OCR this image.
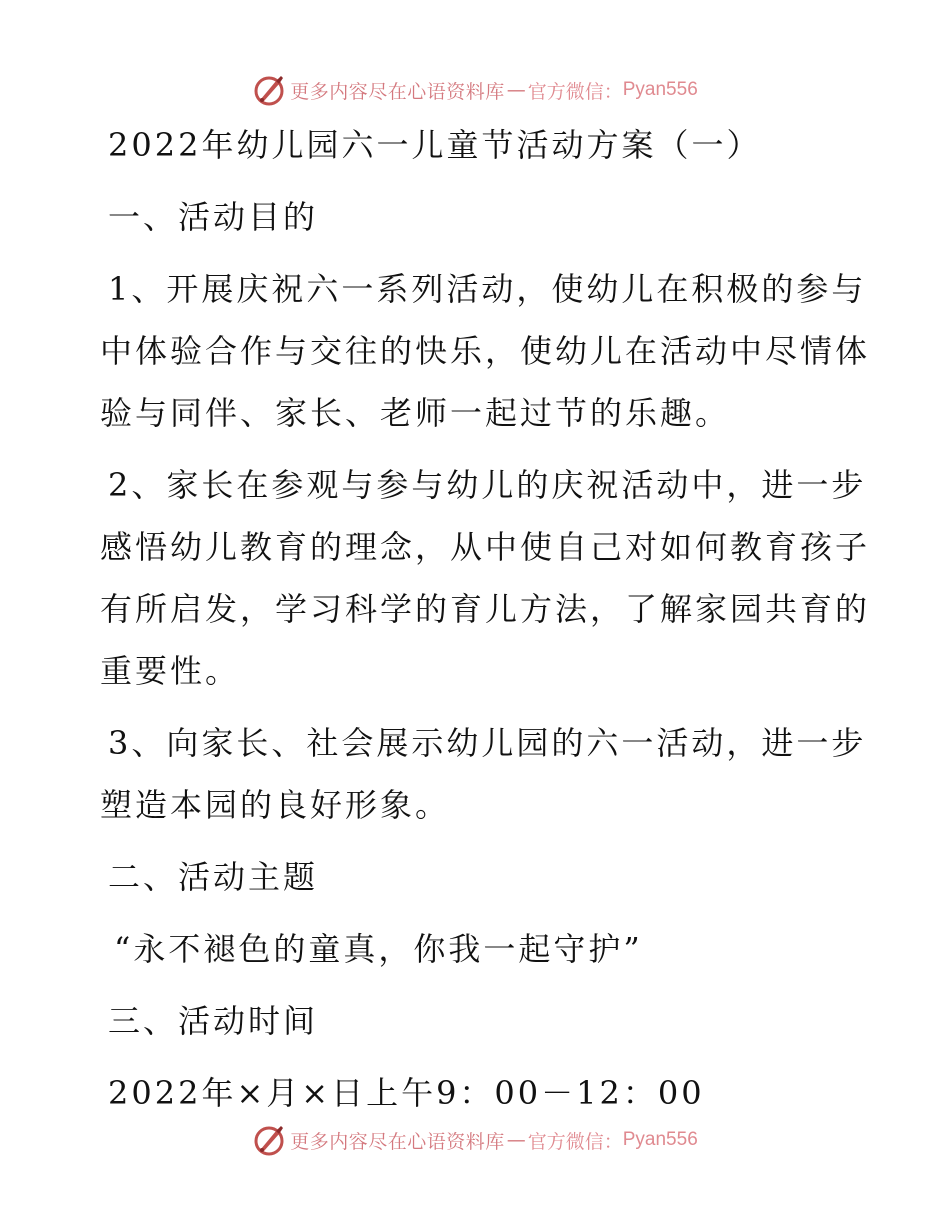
更多内容尽在心语资料库 — 官方微信： Pyan556
2022年幼儿园六一儿童节活动方案（一）
一、活动目的
1、开展庆祝六一系列活动，使幼儿在积极的参与
中体验合作与交往的快乐，使幼儿在活动中尽情体
验与同伴、家长、老师一起过节的乐趣。
2、家长在参观与参与幼儿的庆祝活动中，进一步
感悟幼儿教育的理念，从中使自己对如何教育孩子
有所启发，学习科学的育儿方法，了解家园共育的
重要性。
3、向家长、社会展示幼儿园的六一活动，进一步
塑造本园的良好形象。
二、活动主题
“永不褪色的童真，你我一起守护”
三、活动时间
2022年×月×日上午9：00－12：00
更多内容尽在心语资料库 — 官方微信： Pyan556
